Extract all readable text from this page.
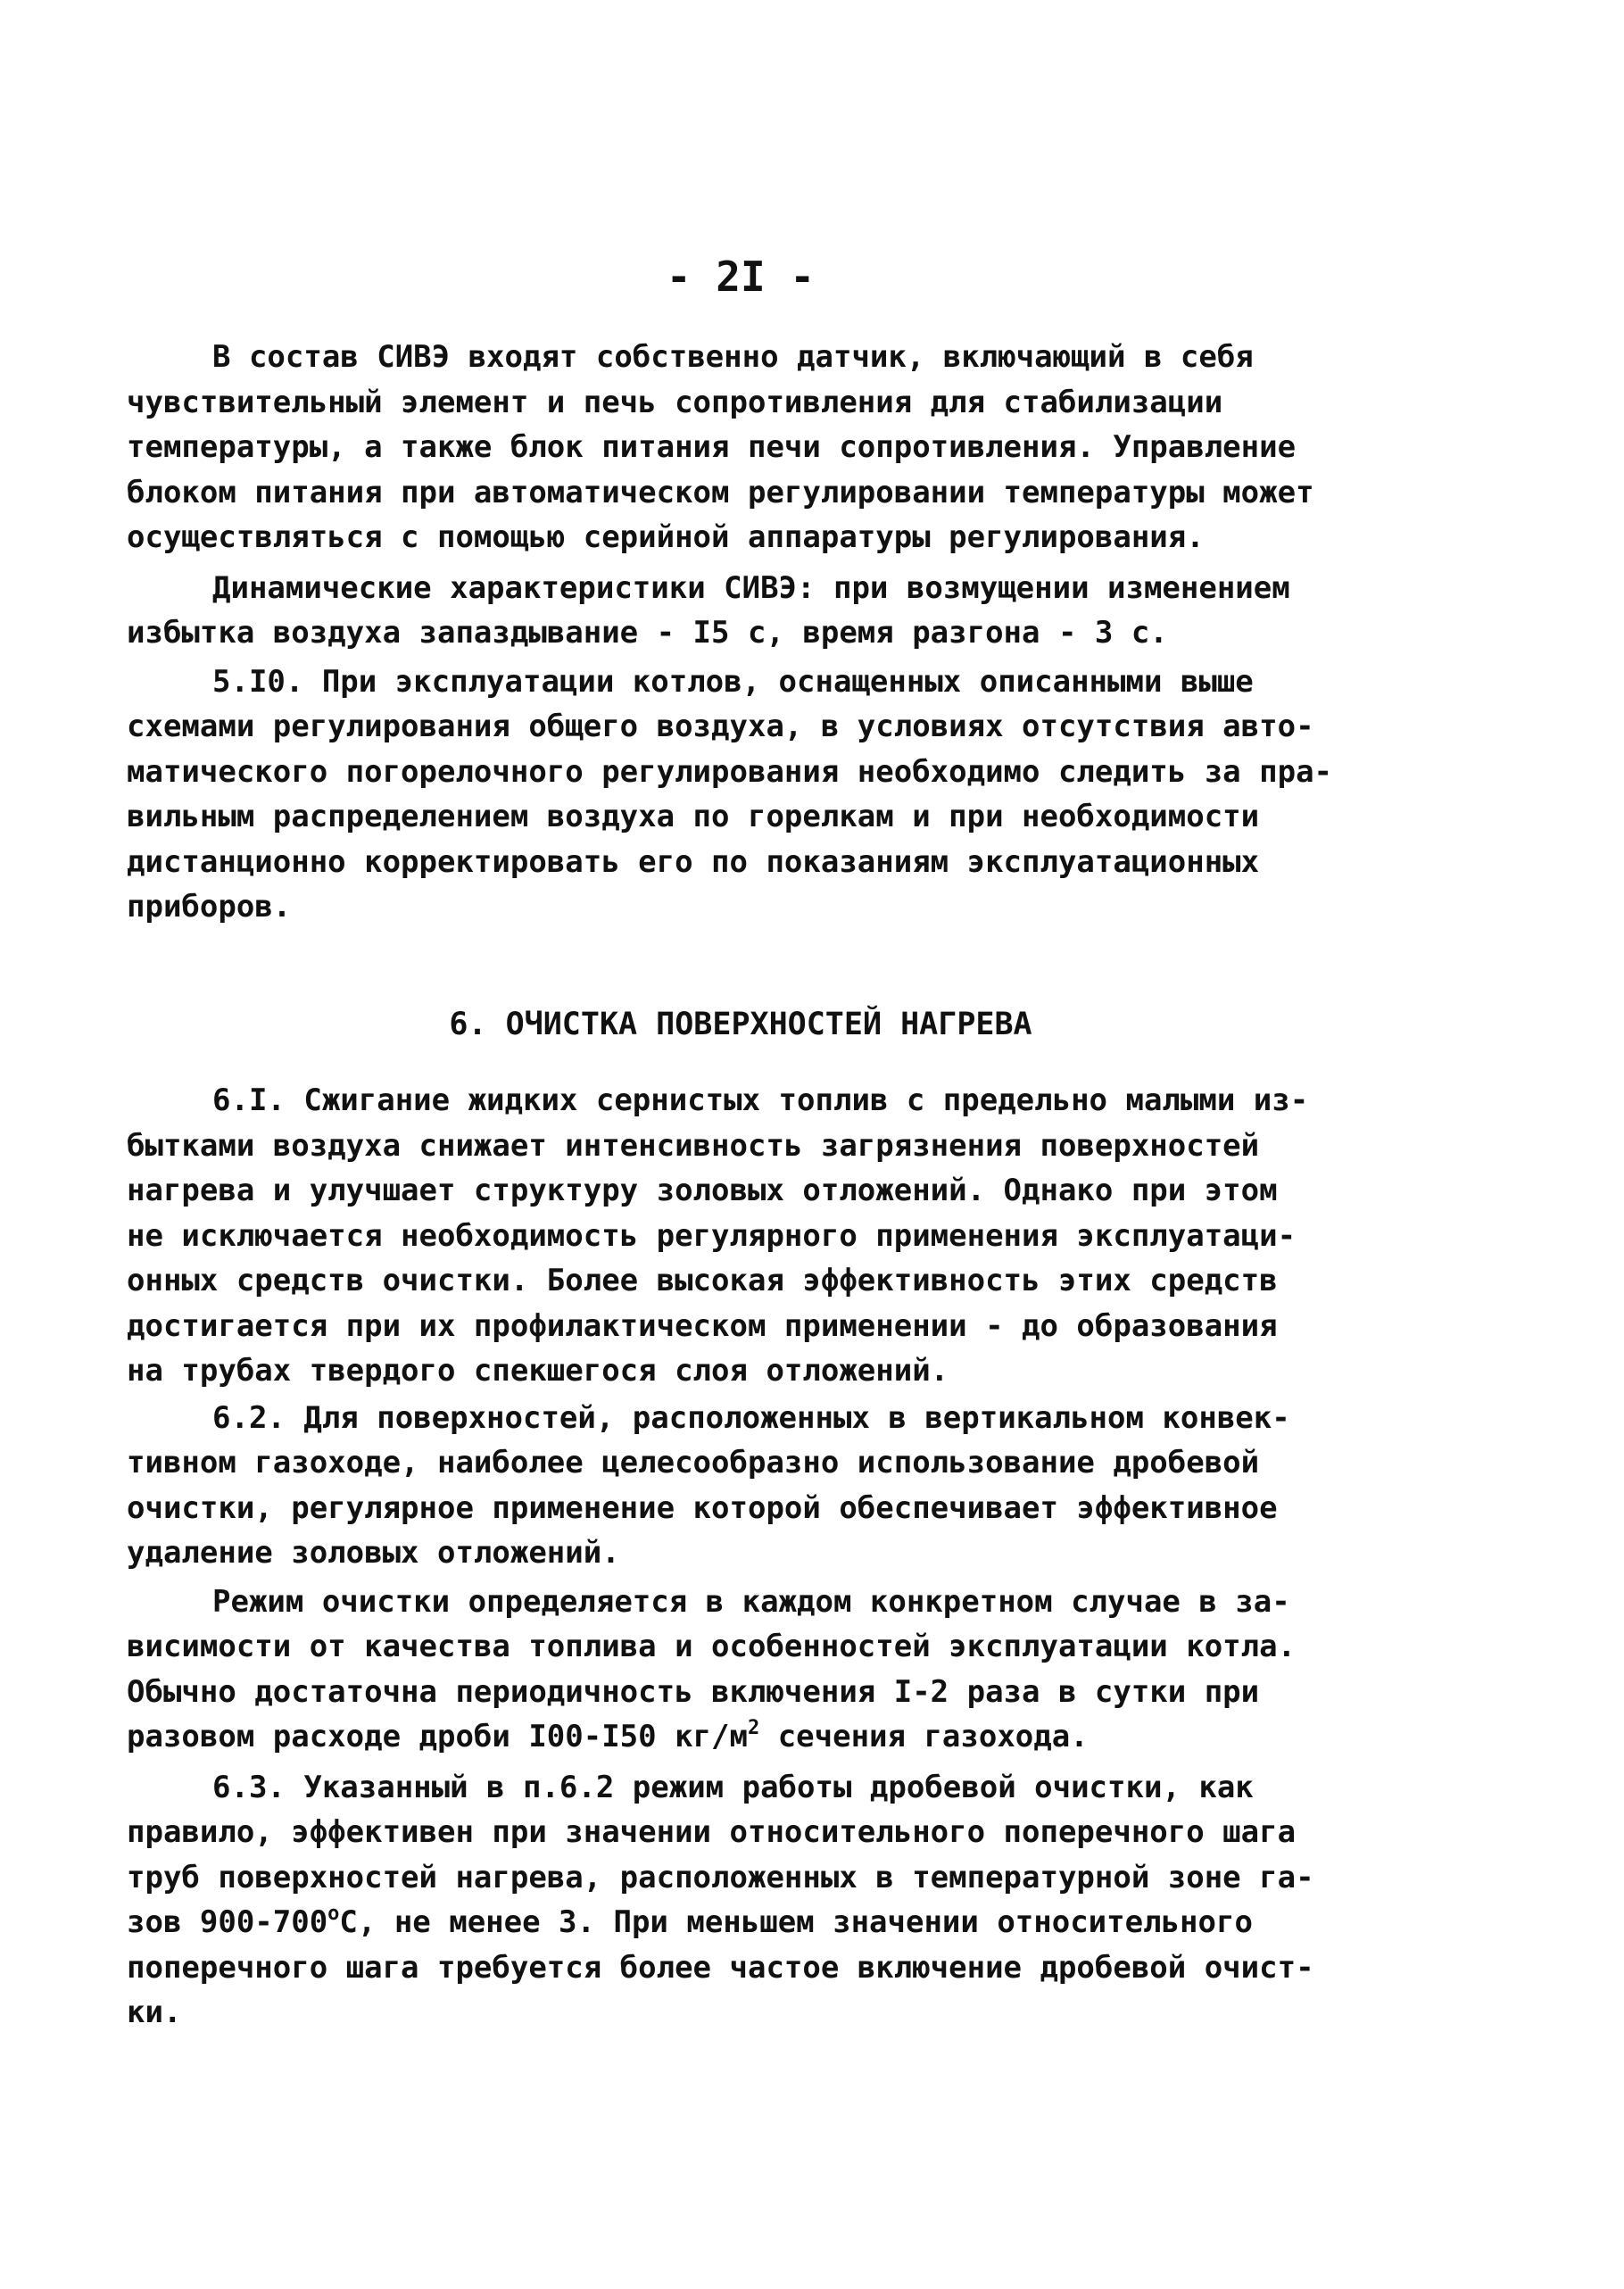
- 2I -
В состав СИВЭ входят собственно датчик, включающий в себя
чувствительный элемент и печь сопротивления для стабилизации
температуры, а также блок питания печи сопротивления. Управление
блоком питания при автоматическом регулировании температуры может
осуществляться с помощью серийной аппаратуры регулирования.
Динамические характеристики СИВЭ: при возмущении изменением
избытка воздуха запаздывание - I5 с, время разгона - 3 с.
5.I0. При эксплуатации котлов, оснащенных описанными выше
схемами регулирования общего воздуха, в условиях отсутствия авто-
матического погорелочного регулирования необходимо следить за пра-
вильным распределением воздуха по горелкам и при необходимости
дистанционно корректировать его по показаниям эксплуатационных
приборов.
6. ОЧИСТКА ПОВЕРХНОСТЕЙ НАГРЕВА
6.I. Сжигание жидких сернистых топлив с предельно малыми из-
бытками воздуха снижает интенсивность загрязнения поверхностей
нагрева и улучшает структуру золовых отложений. Однако при этом
не исключается необходимость регулярного применения эксплуатаци-
онных средств очистки. Более высокая эффективность этих средств
достигается при их профилактическом применении - до образования
на трубах твердого спекшегося слоя отложений.
6.2. Для поверхностей, расположенных в вертикальном конвек-
тивном газоходе, наиболее целесообразно использование дробевой
очистки, регулярное применение которой обеспечивает эффективное
удаление золовых отложений.
Режим очистки определяется в каждом конкретном случае в за-
висимости от качества топлива и особенностей эксплуатации котла.
Обычно достаточна периодичность включения I-2 раза в сутки при
разовом расходе дроби I00-I50 $кг/м^2$ сечения газохода.
6.3. Указанный в п.6.2 режим работы дробевой очистки, как
правило, эффективен при значении относительного поперечного шага
труб поверхностей нагрева, расположенных в температурной зоне га-
зов $900-700^оС$, не менее 3. При меньшем значении относительного
поперечного шага требуется более частое включение дробевой очист-
ки.
